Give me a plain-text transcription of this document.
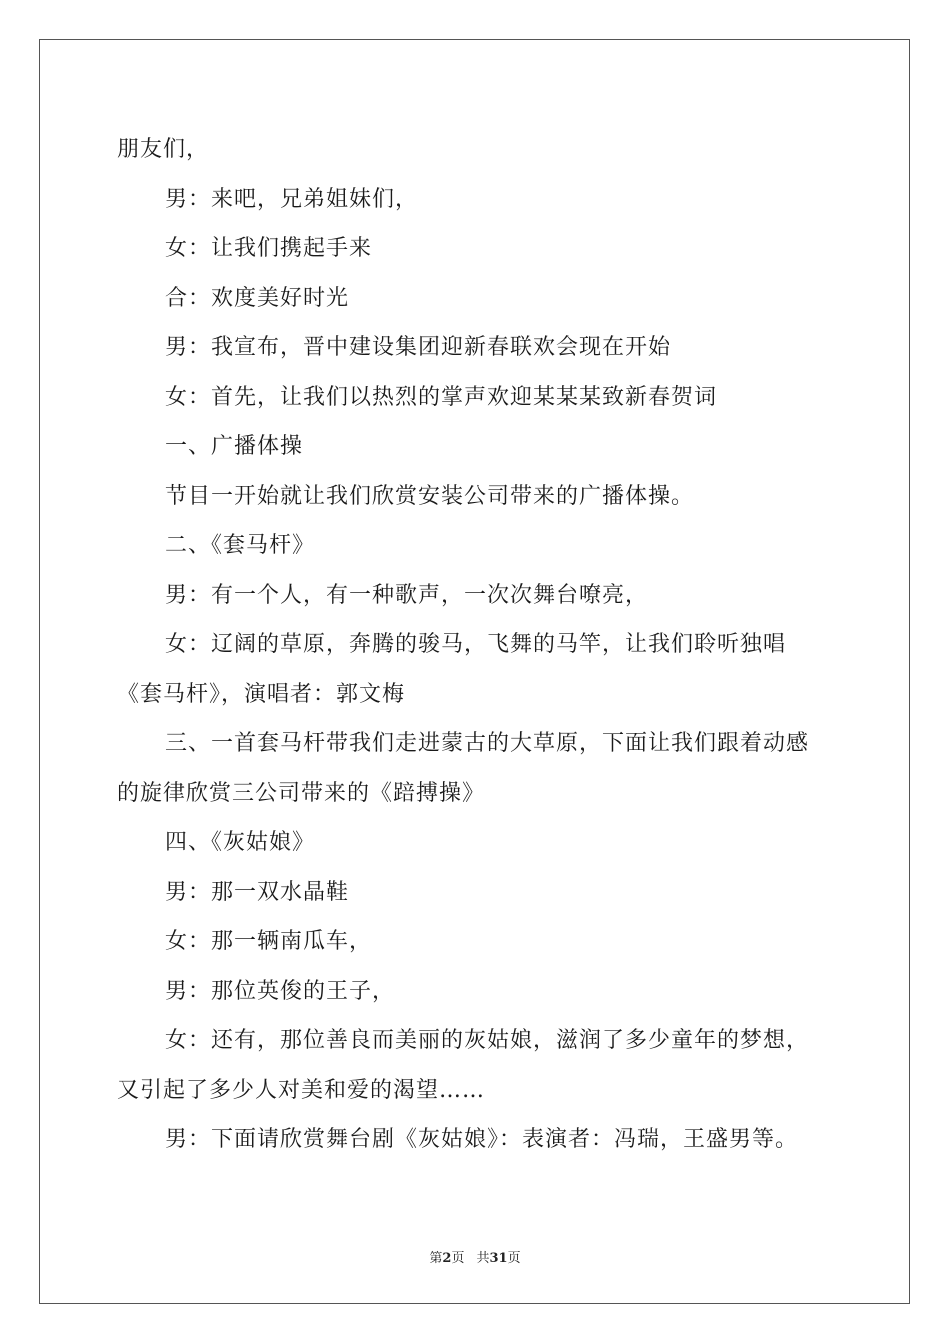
朋友们，
男：来吧，兄弟姐妹们，
女：让我们携起手来
合：欢度美好时光
男：我宣布，晋中建设集团迎新春联欢会现在开始
女：首先，让我们以热烈的掌声欢迎某某某致新春贺词
一、广播体操
节目一开始就让我们欣赏安装公司带来的广播体操。
二、《套马杆》
男：有一个人，有一种歌声，一次次舞台嘹亮，
女：辽阔的草原，奔腾的骏马，飞舞的马竿，让我们聆听独唱
《套马杆》，演唱者：郭文梅
三、一首套马杆带我们走进蒙古的大草原，下面让我们跟着动感
的旋律欣赏三公司带来的《踣搏操》
四、《灰姑娘》
男：那一双水晶鞋
女：那一辆南瓜车，
男：那位英俊的王子，
女：还有，那位善良而美丽的灰姑娘，滋润了多少童年的梦想，
又引起了多少人对美和爱的渴望……
男：下面请欣赏舞台剧《灰姑娘》：表演者：冯瑞，王盛男等。
第2页 共31页
